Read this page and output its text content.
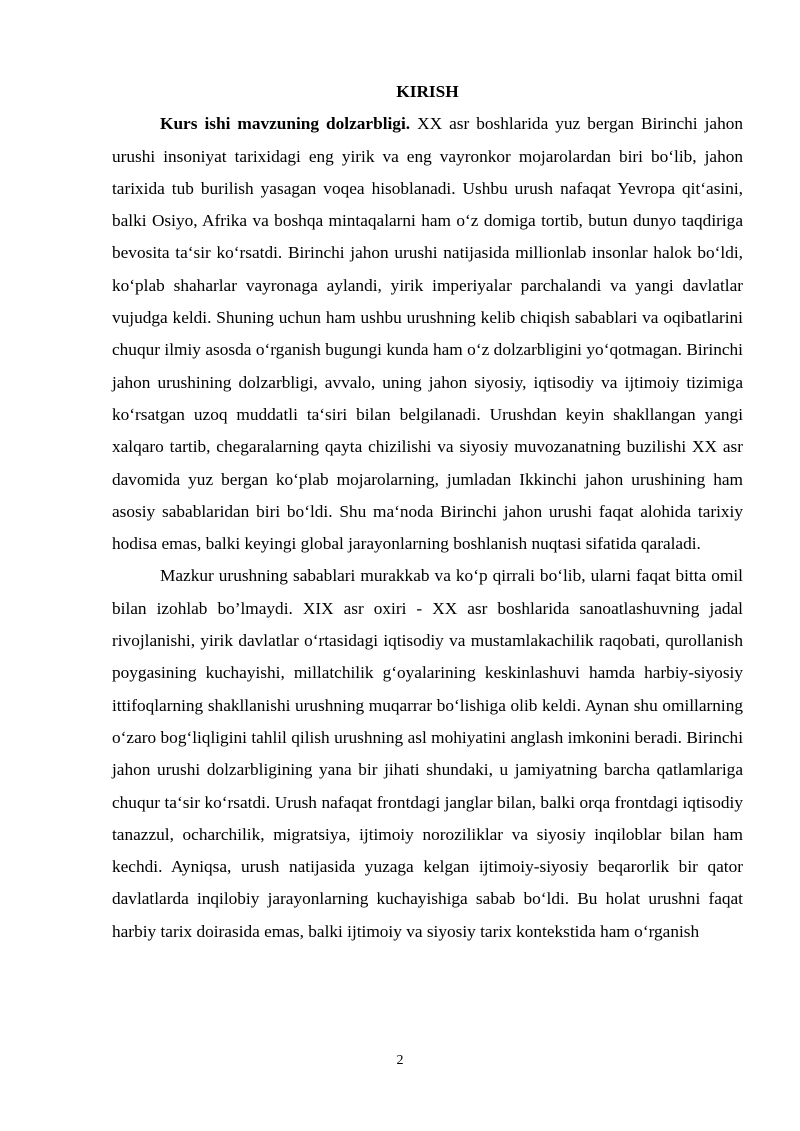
KIRISH

Kurs ishi mavzuning dolzarbligi. XX asr boshlarida yuz bergan Birinchi jahon urushi insoniyat tarixidagi eng yirik va eng vayronkor mojarolardan biri bo‘lib, jahon tarixida tub burilish yasagan voqea hisoblanadi. Ushbu urush nafaqat Yevropa qit‘asini, balki Osiyo, Afrika va boshqa mintaqalarni ham o‘z domiga tortib, butun dunyo taqdiriga bevosita ta‘sir ko‘rsatdi. Birinchi jahon urushi natijasida millionlab insonlar halok bo‘ldi, ko‘plab shaharlar vayronaga aylandi, yirik imperiyalar parchalandi va yangi davlatlar vujudga keldi. Shuning uchun ham ushbu urushning kelib chiqish sabablari va oqibatlarini chuqur ilmiy asosda o‘rganish bugungi kunda ham o‘z dolzarbligini yo‘qotmagan. Birinchi jahon urushining dolzarbligi, avvalo, uning jahon siyosiy, iqtisodiy va ijtimoiy tizimiga ko‘rsatgan uzoq muddatli ta‘siri bilan belgilanadi. Urushdan keyin shakllangan yangi xalqaro tartib, chegaralarning qayta chizilishi va siyosiy muvozanatning buzilishi XX asr davomida yuz bergan ko‘plab mojarolarning, jumladan Ikkinchi jahon urushining ham asosiy sabablaridan biri bo‘ldi. Shu ma‘noda Birinchi jahon urushi faqat alohida tarixiy hodisa emas, balki keyingi global jarayonlarning boshlanish nuqtasi sifatida qaraladi.

Mazkur urushning sabablari murakkab va ko‘p qirrali bo‘lib, ularni faqat bitta omil bilan izohlab bo’lmaydi. XIX asr oxiri - XX asr boshlarida sanoatlashuvning jadal rivojlanishi, yirik davlatlar o‘rtasidagi iqtisodiy va mustamlakachilik raqobati, qurollanish poygasining kuchayishi, millatchilik g‘oyalarining keskinlashuvi hamda harbiy-siyosiy ittifoqlarning shakllanishi urushning muqarrar bo‘lishiga olib keldi. Aynan shu omillarning o‘zaro bog‘liqligini tahlil qilish urushning asl mohiyatini anglash imkonini beradi. Birinchi jahon urushi dolzarbligining yana bir jihati shundaki, u jamiyatning barcha qatlamlariga chuqur ta‘sir ko‘rsatdi. Urush nafaqat frontdagi janglar bilan, balki orqa frontdagi iqtisodiy tanazzul, ocharchilik, migratsiya, ijtimoiy noroziliklar va siyosiy inqiloblar bilan ham kechdi. Ayniqsa, urush natijasida yuzaga kelgan ijtimoiy-siyosiy beqarorlik bir qator davlatlarda inqilobiy jarayonlarning kuchayishiga sabab bo‘ldi. Bu holat urushni faqat harbiy tarix doirasida emas, balki ijtimoiy va siyosiy tarix kontekstida ham o‘rganish

2
